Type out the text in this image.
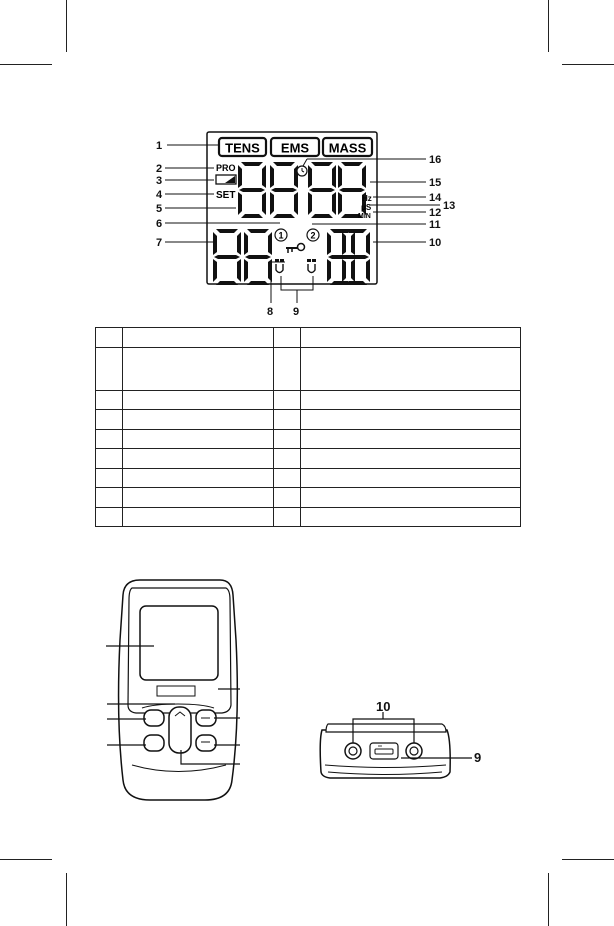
TENS EMS MASS
PRO
SET	Hz
μS
MIN
1	2
1
2
3
4
5
6
7
8 9
10
11
12
13
14
15
16

10
9
